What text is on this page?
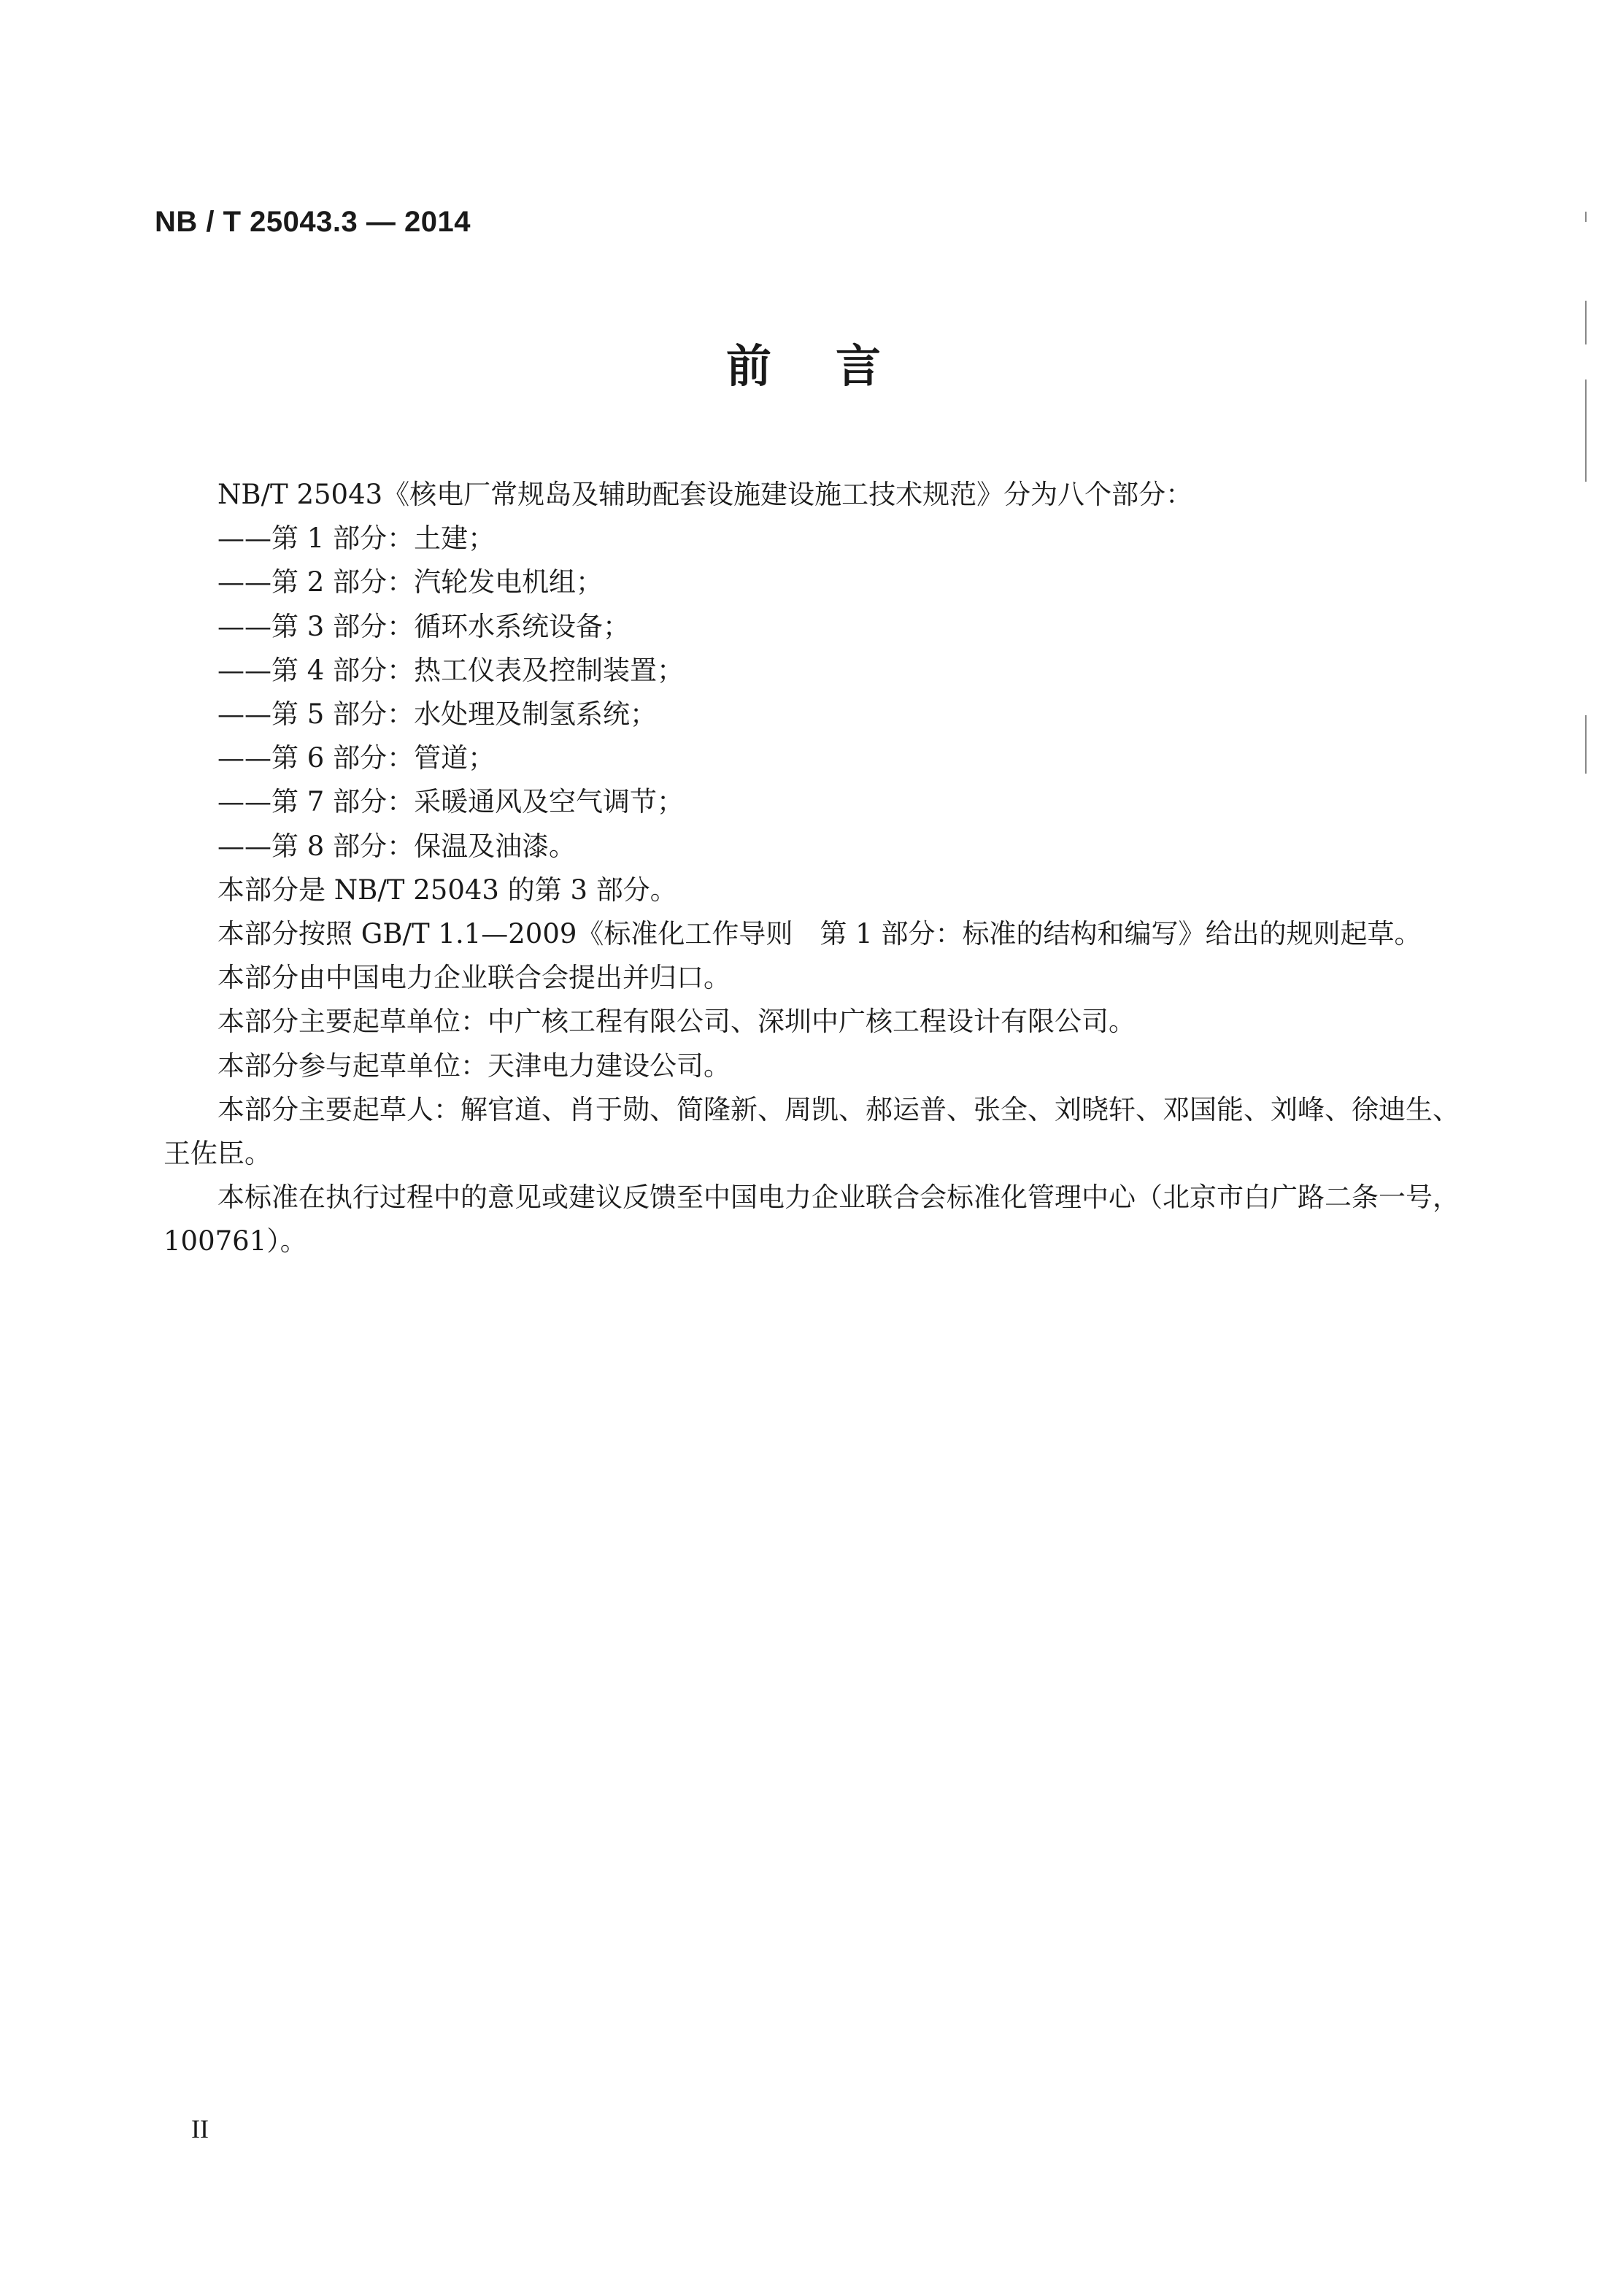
NB / T 25043.3 — 2014
前言

NB/T 25043《核电厂常规岛及辅助配套设施建设施工技术规范》分为八个部分：

——第 1 部分：土建；

——第 2 部分：汽轮发电机组；

——第 3 部分：循环水系统设备；

——第 4 部分：热工仪表及控制装置；

——第 5 部分：水处理及制氢系统；

——第 6 部分：管道；

——第 7 部分：采暖通风及空气调节；

——第 8 部分：保温及油漆。

本部分是 NB/T 25043 的第 3 部分。

本部分按照 GB/T 1.1—2009《标准化工作导则　第 1 部分：标准的结构和编写》给出的规则起草。

本部分由中国电力企业联合会提出并归口。

本部分主要起草单位：中广核工程有限公司、深圳中广核工程设计有限公司。

本部分参与起草单位：天津电力建设公司。

本部分主要起草人：解官道、肖于勋、简隆新、周凯、郝运普、张全、刘晓轩、邓国能、刘峰、徐迪生、王佐臣。

本标准在执行过程中的意见或建议反馈至中国电力企业联合会标准化管理中心（北京市白广路二条一号，100761）。

II
